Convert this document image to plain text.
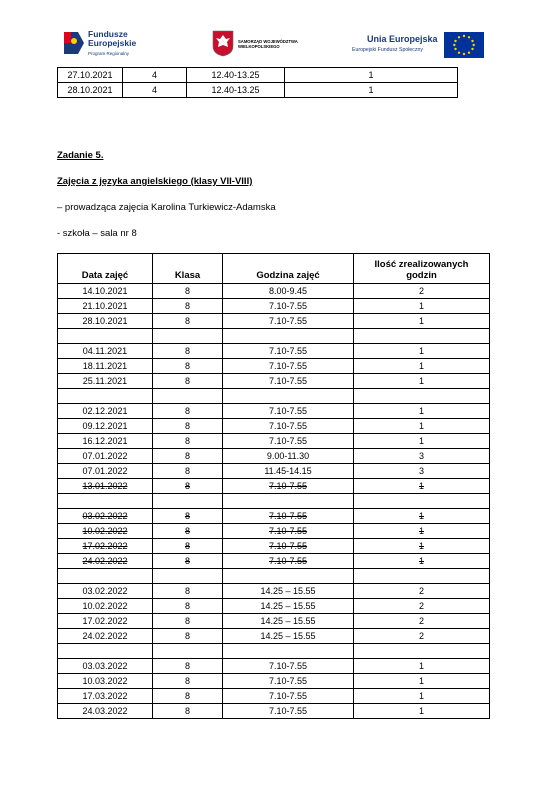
Fundusze
Europejskie
Program Regionalny
SAMORZĄD WOJEWÓDZTWA
WIELKOPOLSKIEGO
Unia Europejska
Europejski Fundusz Społeczny
27.10.2021	4	12.40-13.25	1
28.10.2021	4	12.40-13.25	1
Zadanie 5.
Zajęcia z języka angielskiego (klasy VII-VIII)
– prowadząca zajęcia Karolina Turkiewicz-Adamska
- szkoła – sala nr 8
Data zajęć	Klasa	Godzina zajęć	Ilość zrealizowanych godzin
14.10.2021	8	8.00-9.45	2
21.10.2021	8	7.10-7.55	1
28.10.2021	8	7.10-7.55	1

04.11.2021	8	7.10-7.55	1
18.11.2021	8	7.10-7.55	1
25.11.2021	8	7.10-7.55	1

02.12.2021	8	7.10-7.55	1
09.12.2021	8	7.10-7.55	1
16.12.2021	8	7.10-7.55	1
07.01.2022	8	9.00-11.30	3
07.01.2022	8	11.45-14.15	3
13.01.2022	8	7.10-7.55	1

03.02.2022	8	7.10-7.55	1
10.02.2022	8	7.10-7.55	1
17.02.2022	8	7.10-7.55	1
24.02.2022	8	7.10-7.55	1

03.02.2022	8	14.25 – 15.55	2
10.02.2022	8	14.25 – 15.55	2
17.02.2022	8	14.25 – 15.55	2
24.02.2022	8	14.25 – 15.55	2

03.03.2022	8	7.10-7.55	1
10.03.2022	8	7.10-7.55	1
17.03.2022	8	7.10-7.55	1
24.03.2022	8	7.10-7.55	1
